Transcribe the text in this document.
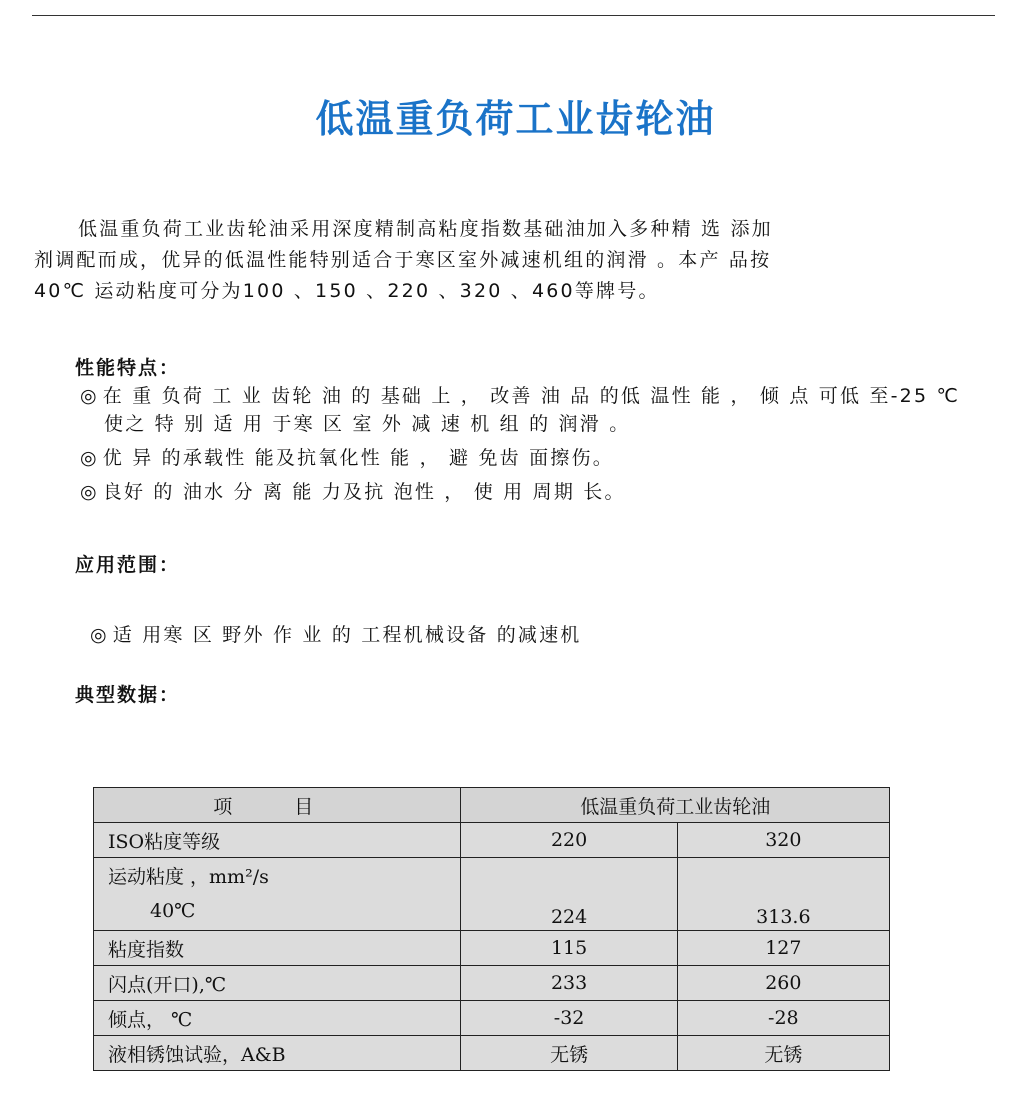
低温重负荷工业齿轮油

低温重负荷工业齿轮油采用深度精制高粘度指数基础油加入多种精 选 添加

剂调配而成，优异的低温性能特别适合于寒区室外减速机组的润滑 。本产 品按

40℃ 运动粘度可分为100 、150 、220 、320 、460等牌号。

性能特点：
◎ 在 重 负荷 工 业 齿轮 油 的 基础 上 ， 改善 油 品 的低 温性 能 ， 倾 点 可低 至-25 ℃
使之 特 别 适 用 于寒 区 室 外 减 速 机 组 的 润滑 。
◎ 优 异 的承载性 能及抗氧化性 能 ， 避 免齿 面擦伤。
◎ 良好 的 油水 分 离 能 力及抗 泡性 ， 使 用 周期 长。
应用范围：
◎ 适 用寒 区 野外 作 业 的 工程机械设备 的减速机
典型数据：
项 目	低温重负荷工业齿轮油	
ISO粘度等级	220	320

运动粘度 ，mm²/s
40℃	224	313.6
粘度指数	115	127
闪点(开口),℃	233	260
倾点， ℃	-32	-28
液相锈蚀试验，A&B	无锈	无锈
